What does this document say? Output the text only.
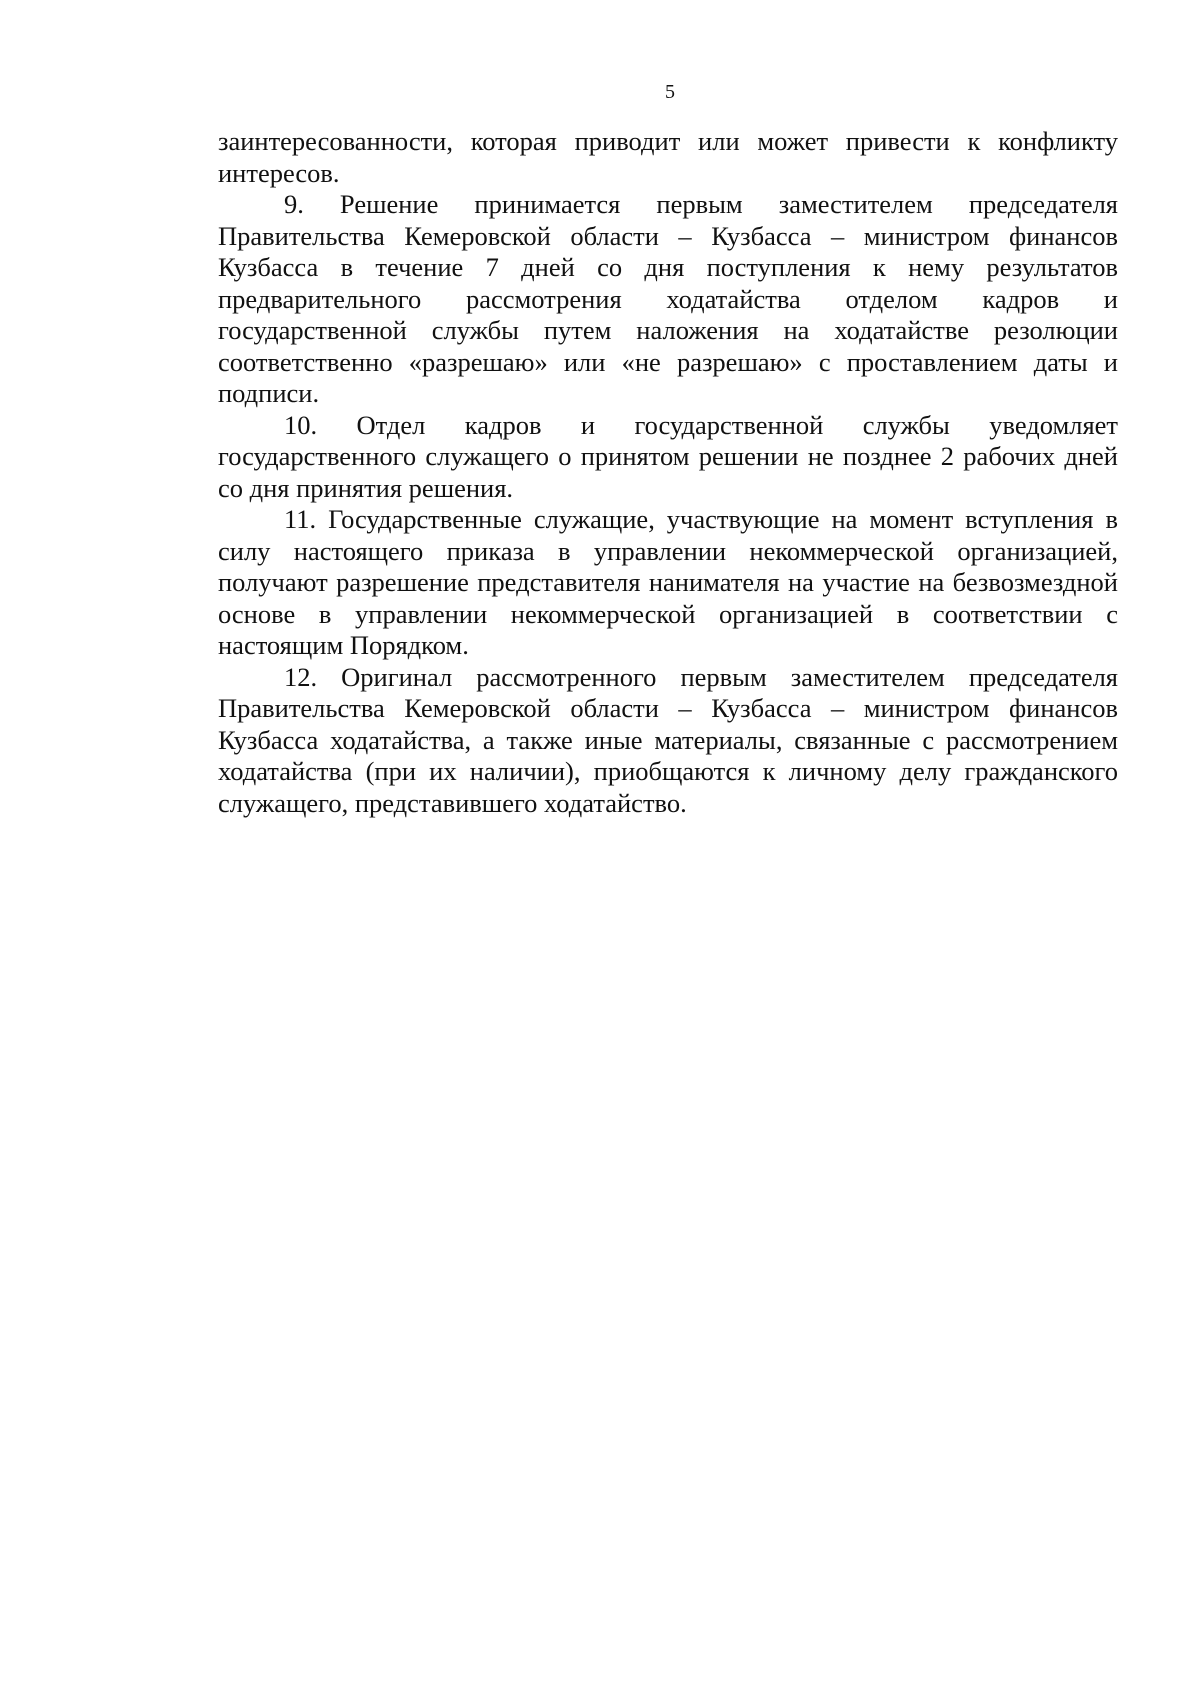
5

заинтересованности, которая приводит или может привести к конфликту интересов.

9. Решение принимается первым заместителем председателя Правительства Кемеровской области – Кузбасса – министром финансов Кузбасса в течение 7 дней со дня поступления к нему результатов предварительного рассмотрения ходатайства отделом кадров и государственной службы путем наложения на ходатайстве резолюции соответственно «разрешаю» или «не разрешаю» с проставлением даты и подписи.

10. Отдел кадров и государственной службы уведомляет государственного служащего о принятом решении не позднее 2 рабочих дней со дня принятия решения.

11. Государственные служащие, участвующие на момент вступления в силу настоящего приказа в управлении некоммерческой организацией, получают разрешение представителя нанимателя на участие на безвозмездной основе в управлении некоммерческой организацией в соответствии с настоящим Порядком.

12. Оригинал рассмотренного первым заместителем председателя Правительства Кемеровской области – Кузбасса – министром финансов Кузбасса ходатайства, а также иные материалы, связанные с рассмотрением ходатайства (при их наличии), приобщаются к личному делу гражданского служащего, представившего ходатайство.
